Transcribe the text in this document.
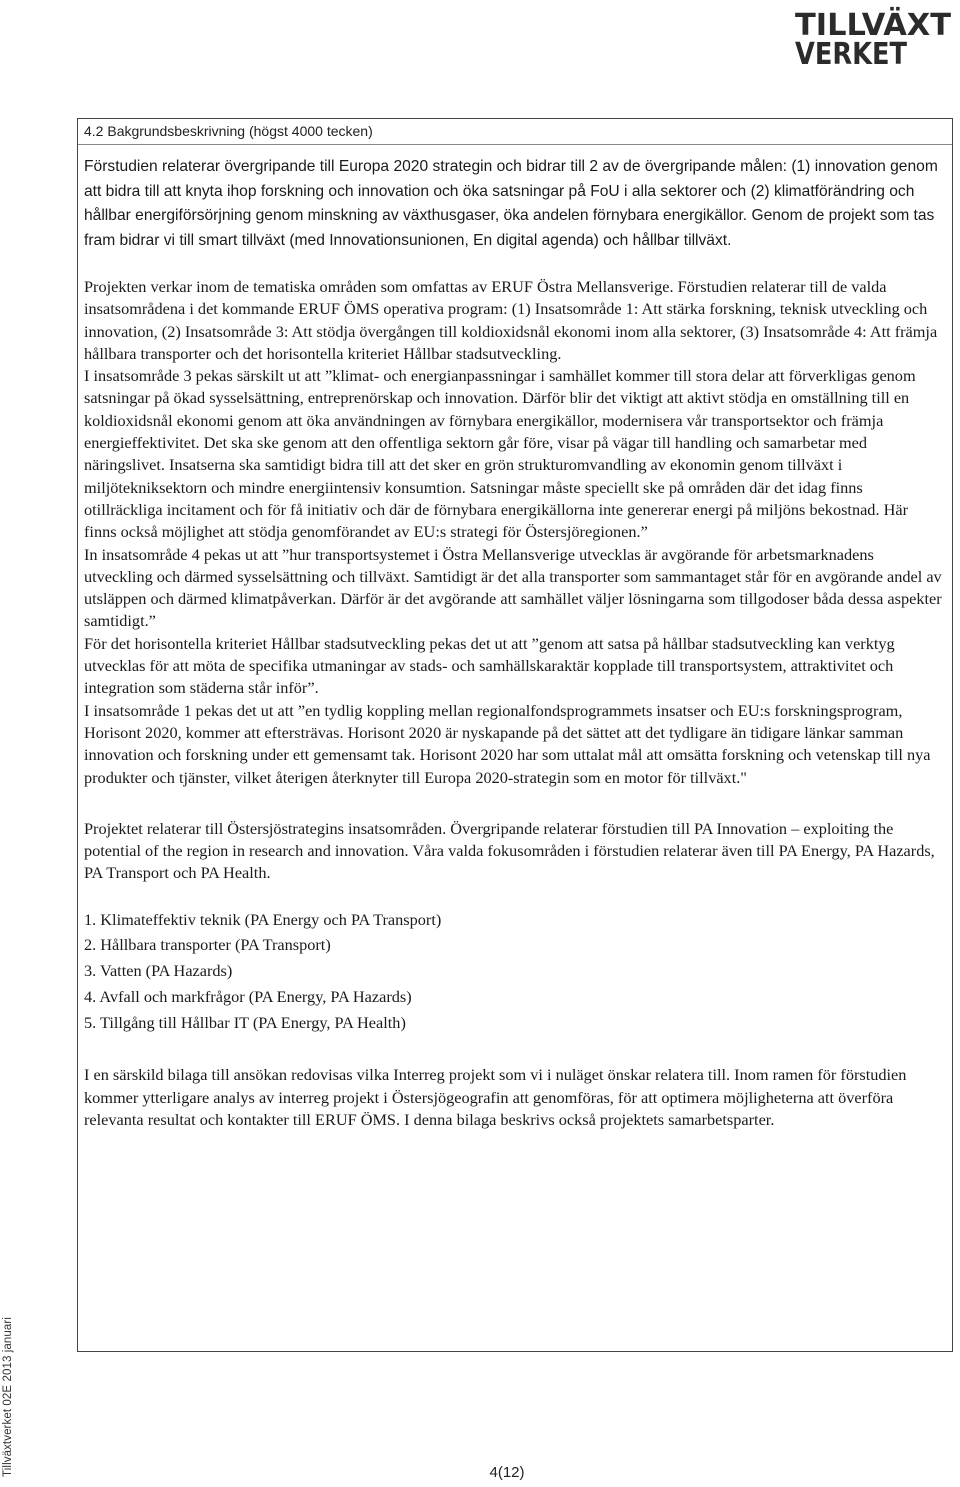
TILLVÄXT
VERKET
4.2 Bakgrundsbeskrivning (högst 4000 tecken)

Förstudien relaterar övergripande till Europa 2020 strategin och bidrar till 2 av de övergripande målen: (1) innovation genom att bidra till att knyta ihop forskning och innovation och öka satsningar på FoU i alla sektorer och (2) klimatförändring och hållbar energiförsörjning genom minskning av växthusgaser, öka andelen förnybara energikällor. Genom de projekt som tas fram bidrar vi till smart tillväxt (med Innovationsunionen, En digital agenda) och hållbar tillväxt.

Projekten verkar inom de tematiska områden som omfattas av ERUF Östra Mellansverige. Förstudien relaterar till de valda insatsområdena i det kommande ERUF ÖMS operativa program: (1) Insatsområde 1: Att stärka forskning, teknisk utveckling och innovation, (2) Insatsområde 3: Att stödja övergången till koldioxidsnål ekonomi inom alla sektorer, (3) Insatsområde 4: Att främja hållbara transporter och det horisontella kriteriet Hållbar stadsutveckling.

I insatsområde 3 pekas särskilt ut att ”klimat- och energianpassningar i samhället kommer till stora delar att förverkligas genom satsningar på ökad sysselsättning, entreprenörskap och innovation. Därför blir det viktigt att aktivt stödja en omställning till en koldioxidsnål ekonomi genom att öka användningen av förnybara energikällor, modernisera vår transportsektor och främja energieffektivitet. Det ska ske genom att den offentliga sektorn går före, visar på vägar till handling och samarbetar med näringslivet. Insatserna ska samtidigt bidra till att det sker en grön strukturomvandling av ekonomin genom tillväxt i miljötekniksektorn och mindre energiintensiv konsumtion. Satsningar måste speciellt ske på områden där det idag finns otillräckliga incitament och för få initiativ och där de förnybara energikällorna inte genererar energi på miljöns bekostnad. Här finns också möjlighet att stödja genomförandet av EU:s strategi för Östersjöregionen.”

In insatsområde 4 pekas ut att ”hur transportsystemet i Östra Mellansverige utvecklas är avgörande för arbetsmarknadens utveckling och därmed sysselsättning och tillväxt. Samtidigt är det alla transporter som sammantaget står för en avgörande andel av utsläppen och därmed klimatpåverkan. Därför är det avgörande att samhället väljer lösningarna som tillgodoser båda dessa aspekter samtidigt.”

För det horisontella kriteriet Hållbar stadsutveckling pekas det ut att ”genom att satsa på hållbar stadsutveckling kan verktyg utvecklas för att möta de specifika utmaningar av stads- och samhällskaraktär kopplade till transportsystem, attraktivitet och integration som städerna står inför”.

I insatsområde 1 pekas det ut att ”en tydlig koppling mellan regionalfondsprogrammets insatser och EU:s forskningsprogram, Horisont 2020, kommer att eftersträvas. Horisont 2020 är nyskapande på det sättet att det tydligare än tidigare länkar samman innovation och forskning under ett gemensamt tak. Horisont 2020 har som uttalat mål att omsätta forskning och vetenskap till nya produkter och tjänster, vilket återigen återknyter till Europa 2020-strategin som en motor för tillväxt."

Projektet relaterar till Östersjöstrategins insatsområden. Övergripande relaterar förstudien till PA Innovation – exploiting the potential of the region in research and innovation. Våra valda fokusområden i förstudien relaterar även till PA Energy, PA Hazards, PA Transport och PA Health.

1. Klimateffektiv teknik (PA Energy och PA Transport)
2. Hållbara transporter (PA Transport)
3. Vatten (PA Hazards)
4. Avfall och markfrågor (PA Energy, PA Hazards)
5. Tillgång till Hållbar IT (PA Energy, PA Health)

I en särskild bilaga till ansökan redovisas vilka Interreg projekt som vi i nuläget önskar relatera till. Inom ramen för förstudien kommer ytterligare analys av interreg projekt i Östersjögeografin att genomföras, för att optimera möjligheterna att överföra relevanta resultat och kontakter till ERUF ÖMS. I denna bilaga beskrivs också projektets samarbetsparter.

Tillväxtverket 02E 2013 januari	4(12)
